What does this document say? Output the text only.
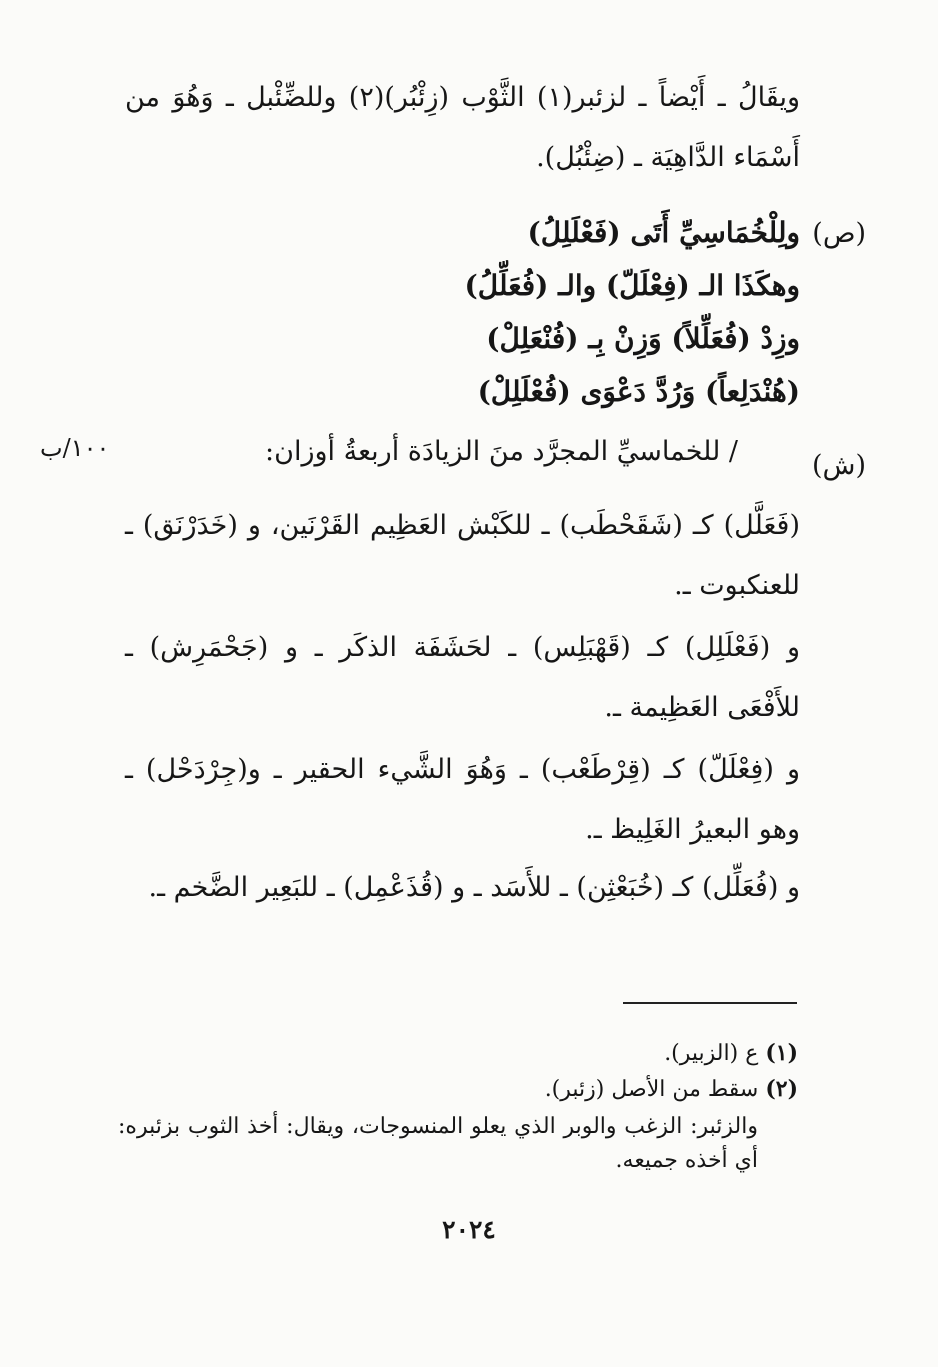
ويقَالُ ـ أَيْضاً ـ لزئبر(١) الثَّوْب (زِئْبُر)(٢) وللضِّئْبل ـ وَهُوَ من أَسْمَاء الدَّاهِيَة ـ (ضِئْبُل).

(ص)
ولِلْخُمَاسِيِّ أَتَى (فَعْلَلِلُ)
وهكَذَا الـ (فِعْلَلّ) والـ (فُعَلِّلُ)
وزِدْ (فُعَلِّلاً) وَزِنْ بِـ (فُنْعَلِلْ)
(هُنْدَلِعاً) وَرُدَّ دَعْوَى (فُعْلَلِلْ)
(ش)
١٠٠/ب	/ للخماسيِّ المجرَّد منَ الزيادَة أربعةُ أوزان:

(فَعَلَّل) كـ (شَقَحْطَب) ـ للكَبْش العَظِيم القَرْنَين، و (خَدَرْنَق) ـ للعنكبوت ـ.

و (فَعْلَلِل) كـ (قَهْبَلِس) ـ لحَشَفَة الذكَر ـ و (جَحْمَرِش) ـ للأَفْعَى العَظِيمة ـ.

و (فِعْلَلّ) كـ (قِرْطَعْب) ـ وَهُوَ الشَّيء الحقير ـ و(جِرْدَحْل) ـ وهو البعيرُ الغَلِيظ ـ.

و (فُعَلِّل) كـ (خُبَعْثِن) ـ للأَسَد ـ و (قُذَعْمِل) ـ للبَعِير الضَّخم ـ.

(١) ع (الزبير).
(٢) سقط من الأصل (زئبر).
والزئبر: الزغب والوبر الذي يعلو المنسوجات، ويقال: أخذ الثوب بزئبره: أي أخذه جميعه.
٢٠٢٤
